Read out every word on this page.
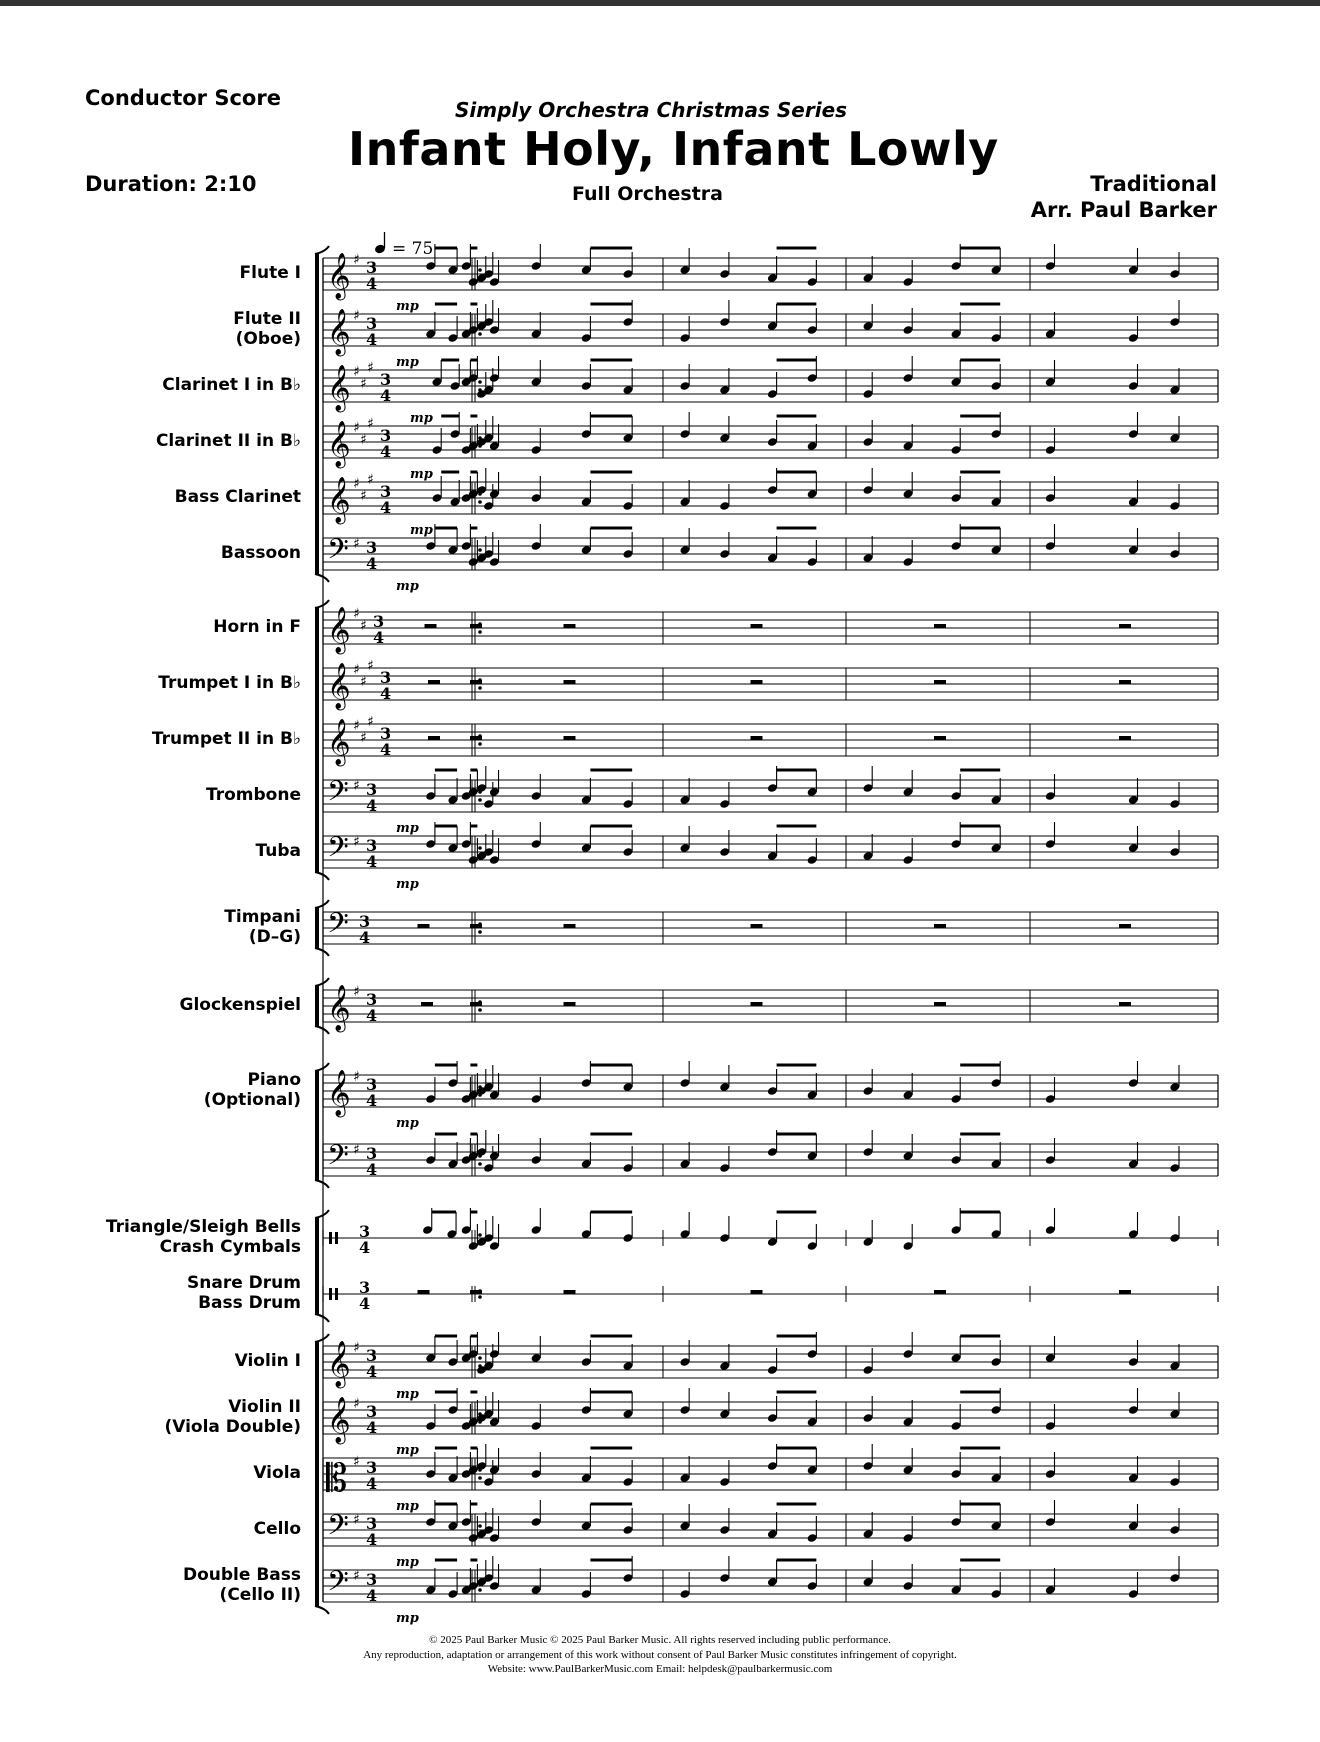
Conductor Score
Duration: 2:10
Simply Orchestra Christmas Series
Infant Holy, Infant Lowly
Full Orchestra	Traditional
Arr. Paul Barker
= 75
𝄞 ♯ 3
4
mp
Flute I
𝄞 ♯ 3
4
mp
Flute II
(Oboe)
𝄞 ♯
♯
♯
3
4
mp
Clarinet I in B♭
𝄞 ♯
♯
♯
3
4
mp
Clarinet II in B♭
𝄞 ♯
♯
♯
3
4
mp
Bass Clarinet
𝄢 ♯ 3
4
mp
Bassoon
𝄞 ♯
♯ 3
4
Horn in F
𝄞 ♯
♯
♯
3
4
Trumpet I in B♭
𝄞 ♯
♯
♯
3
4
Trumpet II in B♭
𝄢 ♯ 3
4
mp
Trombone
𝄢 ♯ 3
4
mp
Tuba
𝄢 3
4
Timpani
(D–G)
𝄞 ♯ 3
4
Glockenspiel
𝄞 ♯ 3
4
mp
Piano
(Optional)
𝄢 ♯ 3
4
3
4
Triangle/Sleigh Bells
Crash Cymbals
3
4
Snare Drum
Bass Drum
𝄞 ♯ 3
4
mp
Violin I
𝄞 ♯ 3
4
mp
Violin II
(Viola Double)
𝄡 ♯ 3
4
mp
Viola
𝄢 ♯ 3
4
mp
Cello
𝄢 ♯ 3
4
mp
Double Bass
(Cello II)
© 2025 Paul Barker Music © 2025 Paul Barker Music. All rights reserved including public performance.
Any reproduction, adaptation or arrangement of this work without consent of Paul Barker Music constitutes infringement of copyright.
Website: www.PaulBarkerMusic.com Email: helpdesk@paulbarkermusic.com
